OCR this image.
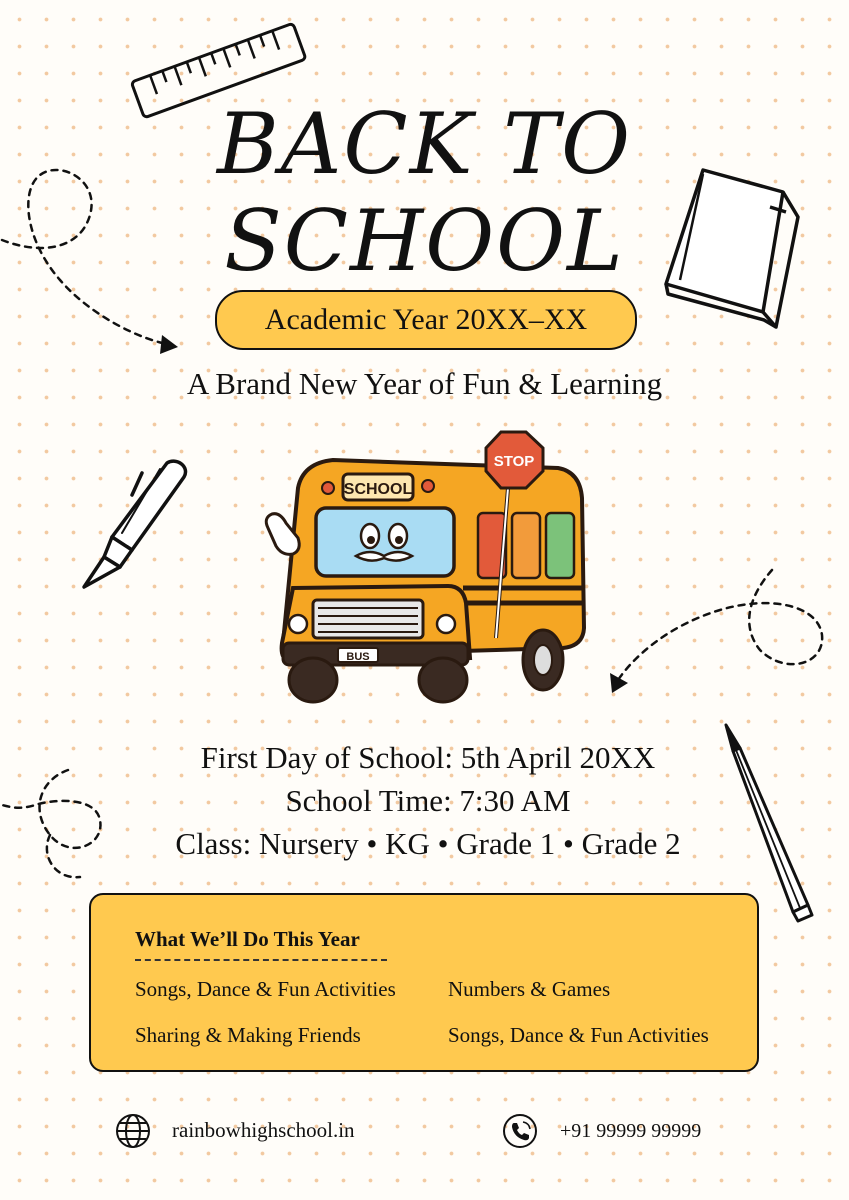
BACK TO
SCHOOL
Academic Year 20XX–XX
A Brand New Year of Fun & Learning
SCHOOL
STOP
BUS
First Day of School: 5th April 20XX
School Time: 7:30 AM
Class: Nursery • KG • Grade 1 • Grade 2
What We’ll Do This Year
Songs, Dance & Fun Activities Numbers & Games
Sharing & Making Friends	Songs, Dance & Fun Activities
rainbowhighschool.in	+91 99999 99999
